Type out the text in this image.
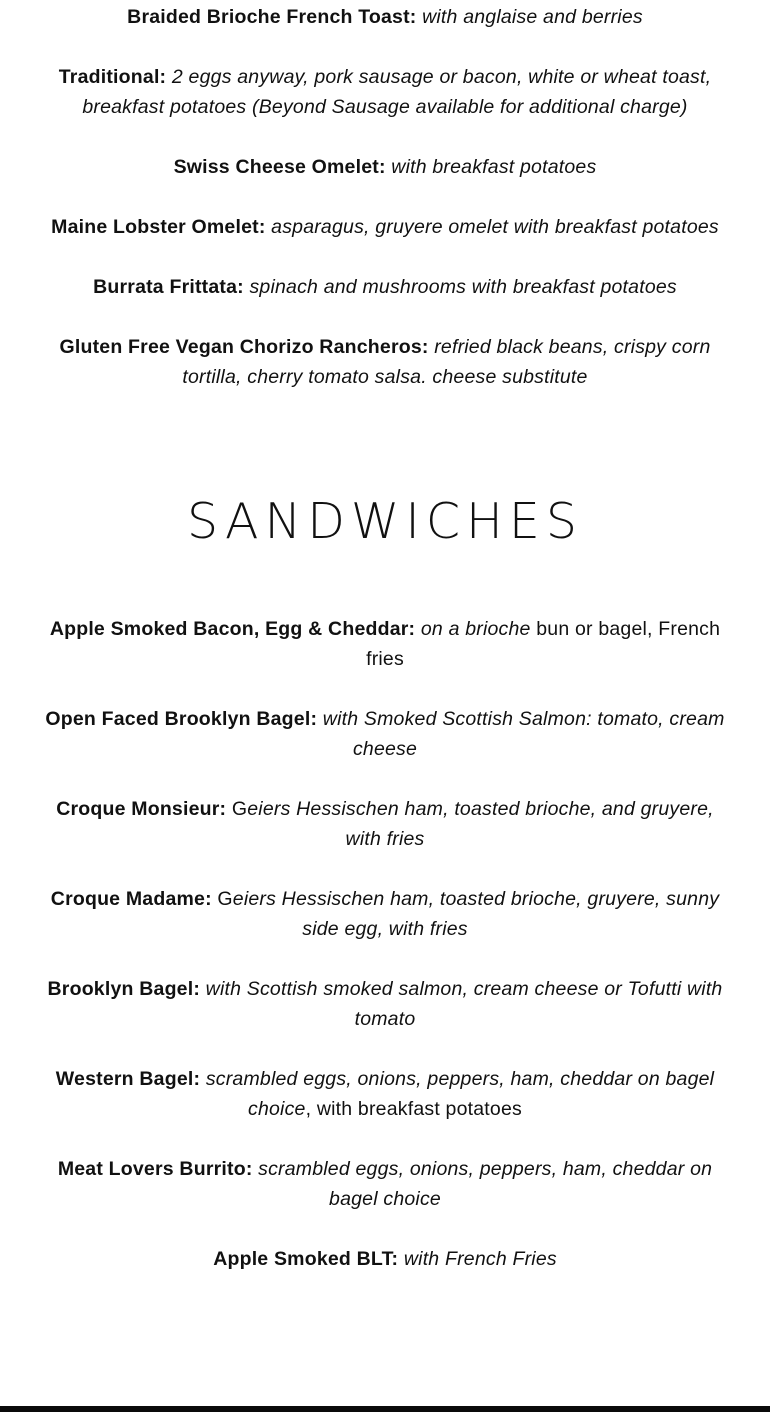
Braided Brioche French Toast: with anglaise and berries

Traditional: 2 eggs anyway, pork sausage or bacon, white or wheat toast, breakfast potatoes (Beyond Sausage available for additional charge)

Swiss Cheese Omelet: with breakfast potatoes

Maine Lobster Omelet: asparagus, gruyere omelet with breakfast potatoes

Burrata Frittata: spinach and mushrooms with breakfast potatoes

Gluten Free Vegan Chorizo Rancheros: refried black beans, crispy corn tortilla, cherry tomato salsa. cheese substitute

SANDWICHES

Apple Smoked Bacon, Egg & Cheddar: on a brioche bun or bagel, French fries

Open Faced Brooklyn Bagel: with Smoked Scottish Salmon: tomato, cream cheese

Croque Monsieur: Geiers Hessischen ham, toasted brioche, and gruyere, with fries

Croque Madame: Geiers Hessischen ham, toasted brioche, gruyere, sunny side egg, with fries

Brooklyn Bagel: with Scottish smoked salmon, cream cheese or Tofutti with tomato

Western Bagel: scrambled eggs, onions, peppers, ham, cheddar on bagel choice, with breakfast potatoes

Meat Lovers Burrito: scrambled eggs, onions, peppers, ham, cheddar on bagel choice

Apple Smoked BLT: with French Fries
